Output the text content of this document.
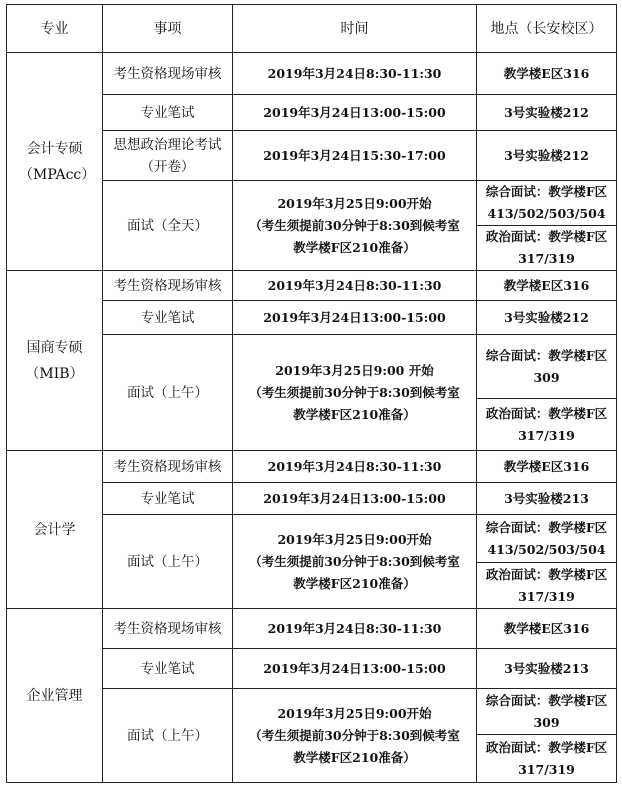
专业	事项	时间	地点（长安校区）
会计专硕（MPAcc）	考生资格现场审核	2019年3月24日8:30-11:30	教学楼E区316
	专业笔试	2019年3月24日13:00-15:00	3号实验楼212
	思想政治理论考试（开卷）	2019年3月24日15:30-17:00	3号实验楼212
	面试（全天）	2019年3月25日9:00开始　　　　　（考生须提前30分钟于8:30到候考室教学楼F区210准备）	综合面试：教学楼F区413/502/503/504
			政治面试：教学楼F区317/319
国商专硕（MIB）	考生资格现场审核	2019年3月24日8:30-11:30	教学楼E区316
	专业笔试	2019年3月24日13:00-15:00	3号实验楼212
	面试（上午）	2019年3月25日9:00 开始　　　　　（考生须提前30分钟于8:30到候考室教学楼F区210准备）	综合面试：教学楼F区309
			政治面试：教学楼F区317/319
会计学	考生资格现场审核	2019年3月24日8:30-11:30	教学楼E区316
	专业笔试	2019年3月24日13:00-15:00	3号实验楼213
	面试（上午）	2019年3月25日9:00开始　　　　　（考生须提前30分钟于8:30到候考室教学楼F区210准备）	综合面试：教学楼F区413/502/503/504
			政治面试：教学楼F区317/319
企业管理	考生资格现场审核	2019年3月24日8:30-11:30	教学楼E区316
	专业笔试	2019年3月24日13:00-15:00	3号实验楼213
	面试（上午）	2019年3月25日9:00开始　　　　　（考生须提前30分钟于8:30到候考室教学楼F区210准备）	综合面试：教学楼F区309
			政治面试：教学楼F区317/319
